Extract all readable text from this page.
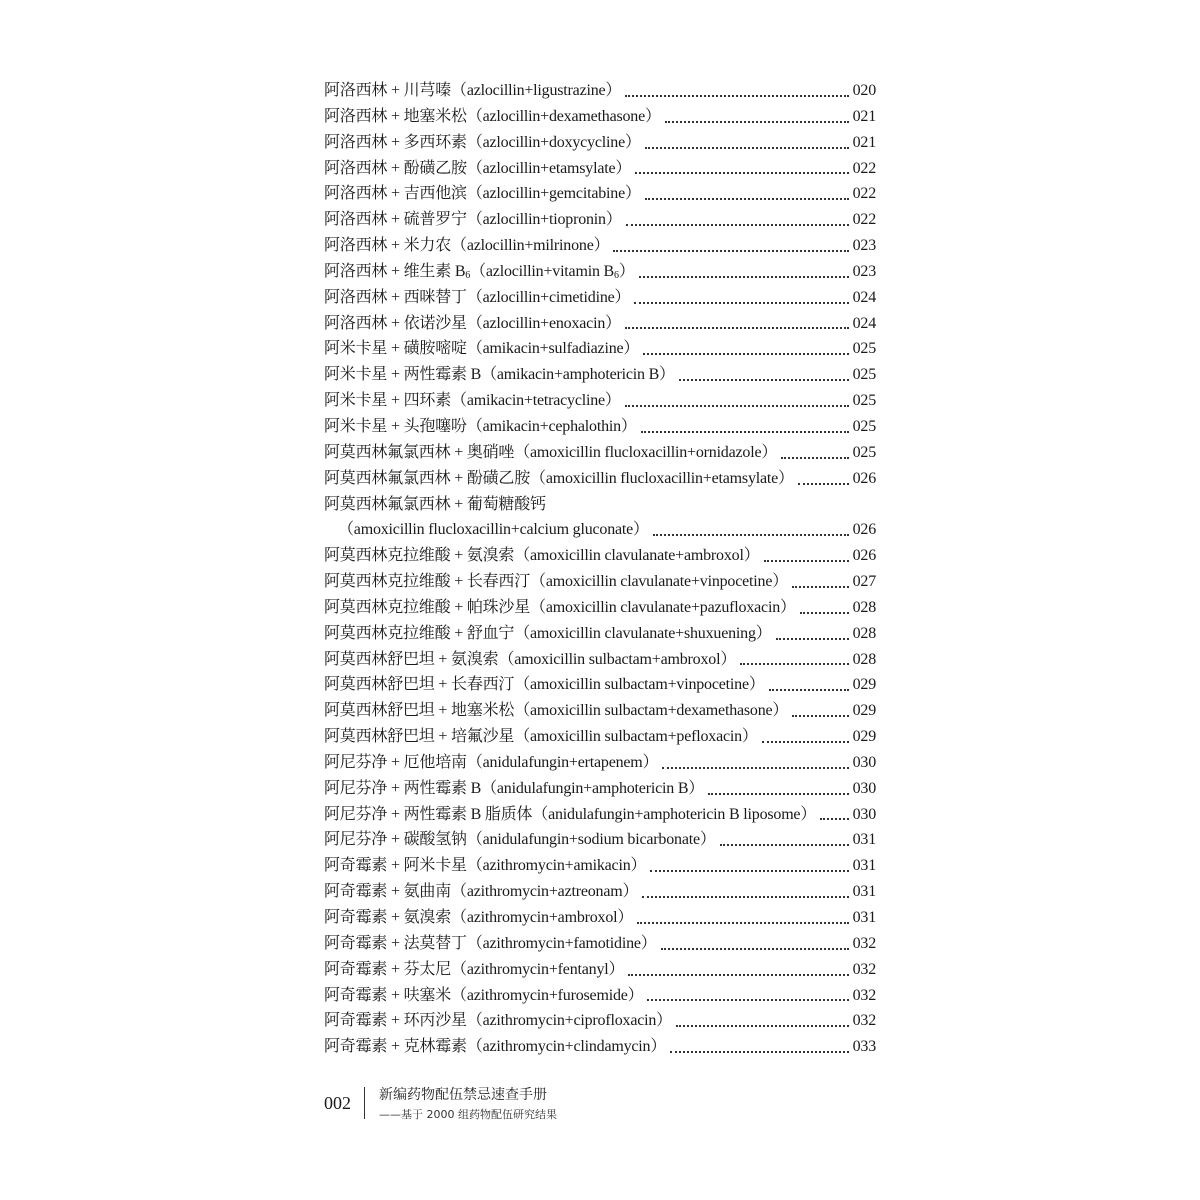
阿洛西林 + 川芎嗪（azlocillin+ligustrazine）	020
阿洛西林 + 地塞米松（azlocillin+dexamethasone）	021
阿洛西林 + 多西环素（azlocillin+doxycycline）	021
阿洛西林 + 酚磺乙胺（azlocillin+etamsylate）	022
阿洛西林 + 吉西他滨（azlocillin+gemcitabine）	022
阿洛西林 + 硫普罗宁（azlocillin+tiopronin）	022
阿洛西林 + 米力农（azlocillin+milrinone）	023
阿洛西林 + 维生素 $B_6(azlocillin+vitamin$ $B_6$）	023
阿洛西林 + 西咪替丁（azlocillin+cimetidine）	024
阿洛西林 + 依诺沙星（azlocillin+enoxacin）	024
阿米卡星 + 磺胺嘧啶（amikacin+sulfadiazine）	025
阿米卡星 + 两性霉素 B（amikacin+amphotericin B）	025
阿米卡星 + 四环素（amikacin+tetracycline）	025
阿米卡星 + 头孢噻吩（amikacin+cephalothin）	025
阿莫西林氟氯西林 + 奥硝唑（amoxicillin flucloxacillin+ornidazole）	025
阿莫西林氟氯西林 + 酚磺乙胺（amoxicillin flucloxacillin+etamsylate）	026
阿莫西林氟氯西林 + 葡萄糖酸钙
（amoxicillin flucloxacillin+calcium gluconate）	026
阿莫西林克拉维酸 + 氨溴索（amoxicillin clavulanate+ambroxol）	026
阿莫西林克拉维酸 + 长春西汀（amoxicillin clavulanate+vinpocetine）	027
阿莫西林克拉维酸 + 帕珠沙星（amoxicillin clavulanate+pazufloxacin）	028
阿莫西林克拉维酸 + 舒血宁（amoxicillin clavulanate+shuxuening）	028
阿莫西林舒巴坦 + 氨溴索（amoxicillin sulbactam+ambroxol）	028
阿莫西林舒巴坦 + 长春西汀（amoxicillin sulbactam+vinpocetine）	029
阿莫西林舒巴坦 + 地塞米松（amoxicillin sulbactam+dexamethasone）	029
阿莫西林舒巴坦 + 培氟沙星（amoxicillin sulbactam+pefloxacin）	029
阿尼芬净 + 厄他培南（anidulafungin+ertapenem）	030
阿尼芬净 + 两性霉素 B（anidulafungin+amphotericin B）	030
阿尼芬净 + 两性霉素 B 脂质体（anidulafungin+amphotericin B liposome） 030
阿尼芬净 + 碳酸氢钠（anidulafungin+sodium bicarbonate）	031
阿奇霉素 + 阿米卡星（azithromycin+amikacin）	031
阿奇霉素 + 氨曲南（azithromycin+aztreonam）	031
阿奇霉素 + 氨溴索（azithromycin+ambroxol）	031
阿奇霉素 + 法莫替丁（azithromycin+famotidine）	032
阿奇霉素 + 芬太尼（azithromycin+fentanyl）	032
阿奇霉素 + 呋塞米（azithromycin+furosemide）	032
阿奇霉素 + 环丙沙星（azithromycin+ciprofloxacin）	032
阿奇霉素 + 克林霉素（azithromycin+clindamycin）	033
002	新编药物配伍禁忌速查手册
——基于 2000 组药物配伍研究结果
